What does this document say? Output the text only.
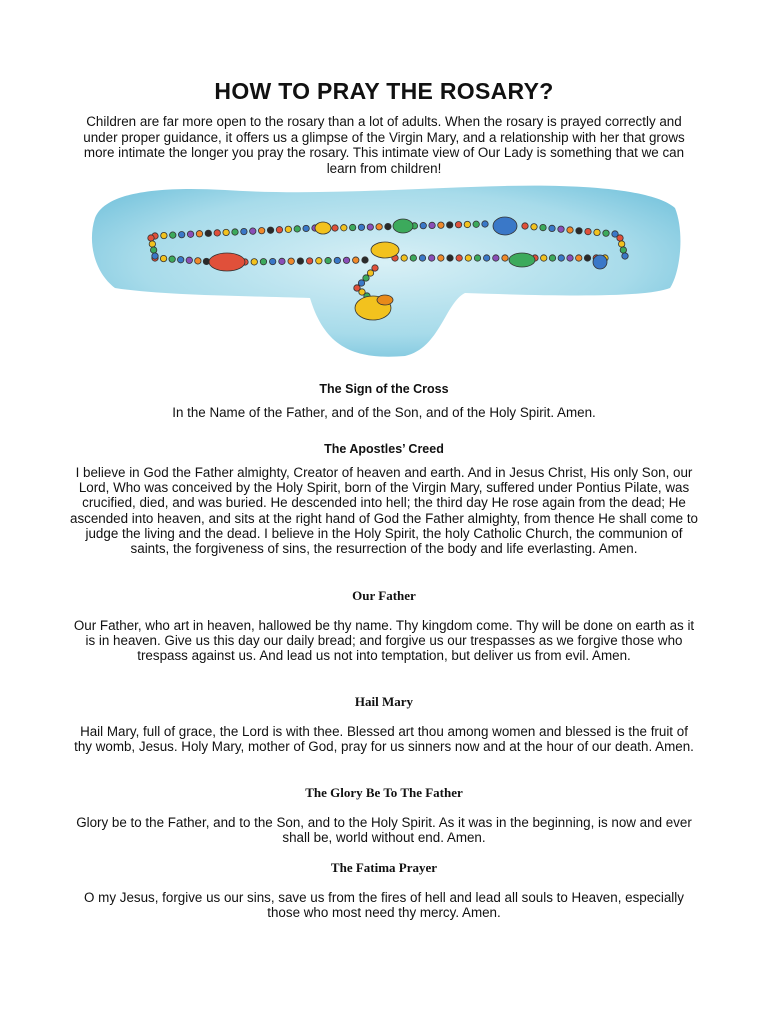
HOW TO PRAY THE ROSARY?

Children are far more open to the rosary than a lot of adults. When the rosary is prayed correctly and under proper guidance, it offers us a glimpse of the Virgin Mary, and a relationship with her that grows more intimate the longer you pray the rosary. This intimate view of Our Lady is something that we can learn from children!

The Sign of the Cross

In the Name of the Father, and of the Son, and of the Holy Spirit. Amen.

The Apostles’ Creed

I believe in God the Father almighty, Creator of heaven and earth. And in Jesus Christ, His only Son, our Lord, Who was conceived by the Holy Spirit, born of the Virgin Mary, suffered under Pontius Pilate, was crucified, died, and was buried. He descended into hell; the third day He rose again from the dead; He ascended into heaven, and sits at the right hand of God the Father almighty, from thence He shall come to judge the living and the dead. I believe in the Holy Spirit, the holy Catholic Church, the communion of saints, the forgiveness of sins, the resurrection of the body and life everlasting. Amen.

Our Father

Our Father, who art in heaven, hallowed be thy name. Thy kingdom come. Thy will be done on earth as it is in heaven. Give us this day our daily bread; and forgive us our trespasses as we forgive those who trespass against us. And lead us not into temptation, but deliver us from evil. Amen.

Hail Mary

Hail Mary, full of grace, the Lord is with thee. Blessed art thou among women and blessed is the fruit of thy womb, Jesus. Holy Mary, mother of God, pray for us sinners now and at the hour of our death. Amen.

The Glory Be To The Father

Glory be to the Father, and to the Son, and to the Holy Spirit. As it was in the beginning, is now and ever shall be, world without end. Amen.

The Fatima Prayer

O my Jesus, forgive us our sins, save us from the fires of hell and lead all souls to Heaven, especially those who most need thy mercy. Amen.
